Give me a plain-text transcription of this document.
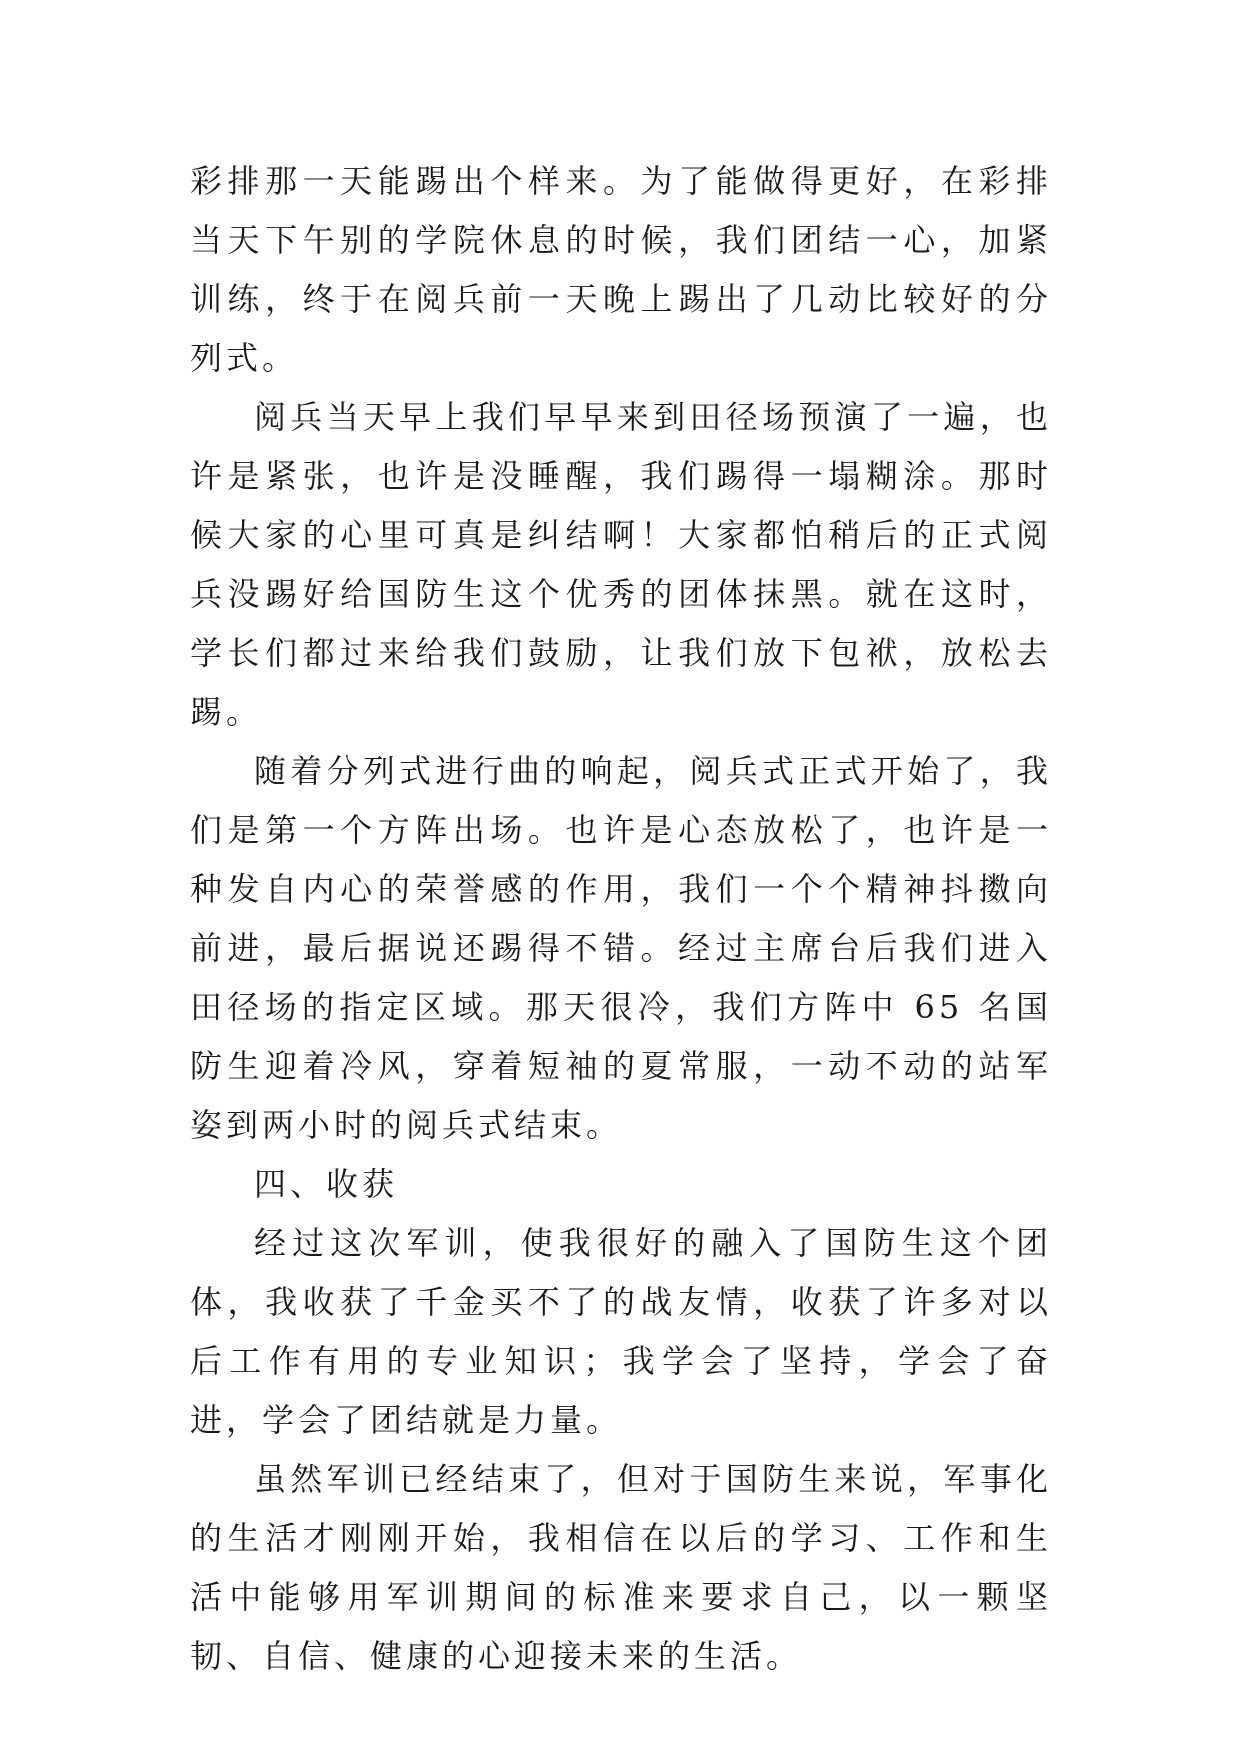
彩排那一天能踢出个样来。为了能做得更好，在彩排当天下午别的学院休息的时候，我们团结一心，加紧训练，终于在阅兵前一天晚上踢出了几动比较好的分列式。

阅兵当天早上我们早早来到田径场预演了一遍，也许是紧张，也许是没睡醒，我们踢得一塌糊涂。那时候大家的心里可真是纠结啊！大家都怕稍后的正式阅兵没踢好给国防生这个优秀的团体抹黑。就在这时，学长们都过来给我们鼓励，让我们放下包袱，放松去踢。

随着分列式进行曲的响起，阅兵式正式开始了，我们是第一个方阵出场。也许是心态放松了，也许是一种发自内心的荣誉感的作用，我们一个个精神抖擞向前进，最后据说还踢得不错。经过主席台后我们进入田径场的指定区域。那天很冷，我们方阵中 65 名国防生迎着冷风，穿着短袖的夏常服，一动不动的站军姿到两小时的阅兵式结束。

四、收获

经过这次军训，使我很好的融入了国防生这个团体，我收获了千金买不了的战友情，收获了许多对以后工作有用的专业知识；我学会了坚持，学会了奋进，学会了团结就是力量。

虽然军训已经结束了，但对于国防生来说，军事化的生活才刚刚开始，我相信在以后的学习、工作和生活中能够用军训期间的标准来要求自己，以一颗坚韧、自信、健康的心迎接未来的生活。
